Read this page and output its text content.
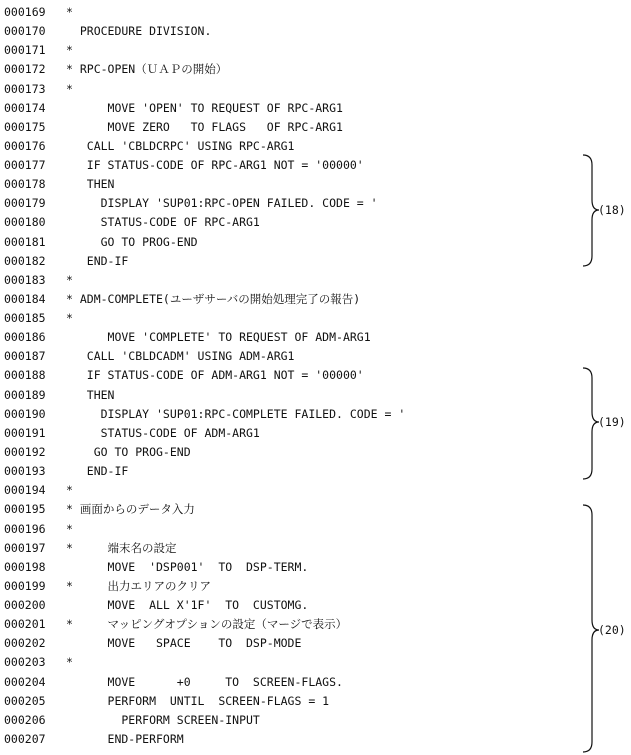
000169 *
000170 PROCEDURE DIVISION.
000171 *
000172 * RPC-OPEN（ＵＡＰの開始）
000173 *
000174 MOVE 'OPEN' TO REQUEST OF RPC-ARG1
000175 MOVE ZERO   TO FLAGS   OF RPC-ARG1
000176 CALL 'CBLDCRPC' USING RPC-ARG1
000177 IF STATUS-CODE OF RPC-ARG1 NOT = '00000'
000178 THEN
000179 DISPLAY 'SUP01:RPC-OPEN FAILED. CODE = '
000180 STATUS-CODE OF RPC-ARG1
000181 GO TO PROG-END
000182 END-IF
000183 *
000184 * ADM-COMPLETE(ユーザサーバの開始処理完了の報告)
000185 *
000186 MOVE 'COMPLETE' TO REQUEST OF ADM-ARG1
000187 CALL 'CBLDCADM' USING ADM-ARG1
000188 IF STATUS-CODE OF ADM-ARG1 NOT = '00000'
000189 THEN
000190 DISPLAY 'SUP01:RPC-COMPLETE FAILED. CODE = '
000191 STATUS-CODE OF ADM-ARG1
000192 GO TO PROG-END
000193 END-IF
000194 *
000195 * 画面からのデータ入力
000196 *
000197 *     端末名の設定
000198 MOVE  'DSP001'  TO  DSP-TERM.
000199 *     出力エリアのクリア
000200 MOVE  ALL X'1F'  TO  CUSTOMG.
000201 *     マッピングオプションの設定（マージで表示）
000202 MOVE   SPACE    TO  DSP-MODE
000203 *
000204 MOVE      +0     TO  SCREEN-FLAGS.
000205 PERFORM  UNTIL  SCREEN-FLAGS = 1
000206 PERFORM SCREEN-INPUT
000207 END-PERFORM
(18)
(19)
(20)
